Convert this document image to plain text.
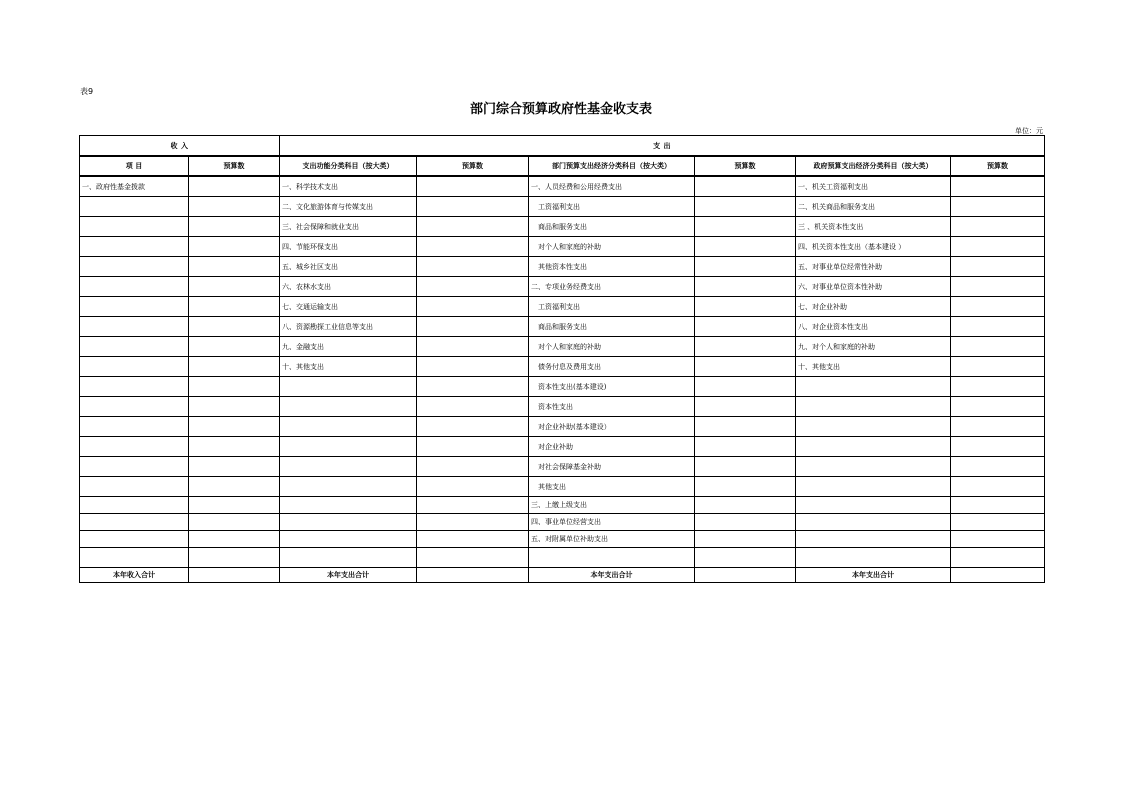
表9
部门综合预算政府性基金收支表
单位：元
收 入		支 出					
项 目	预算数	支出功能分类科目（按大类）	预算数	部门预算支出经济分类科目（按大类）	预算数	政府预算支出经济分类科目（按大类）	预算数
一、政府性基金拨款		一、科学技术支出		一、人员经费和公用经费支出		一、机关工资福利支出	
		二、文化旅游体育与传媒支出		工资福利支出		二、机关商品和服务支出	
		三、社会保障和就业支出		商品和服务支出		三 、机关资本性支出	
		四、节能环保支出		对个人和家庭的补助		四、机关资本性支出（基本建设 ）	
		五、城乡社区支出		其他资本性支出		五、对事业单位经常性补助	
		六、农林水支出		二、专项业务经费支出		六、对事业单位资本性补助	
		七、交通运输支出		工资福利支出		七、对企业补助	
		八、资源勘探工业信息等支出		商品和服务支出		八、对企业资本性支出	
		九、金融支出		对个人和家庭的补助		九、对个人和家庭的补助	
		十、其他支出		债务付息及费用支出		十、其他支出	
				资本性支出(基本建设)			
				资本性支出			
				对企业补助(基本建设）			
				对企业补助			
				对社会保障基金补助			
				其他支出			
				三、上缴上级支出			
				四、事业单位经营支出			
				五、对附属单位补助支出			

本年收入合计		本年支出合计		本年支出合计		本年支出合计	
